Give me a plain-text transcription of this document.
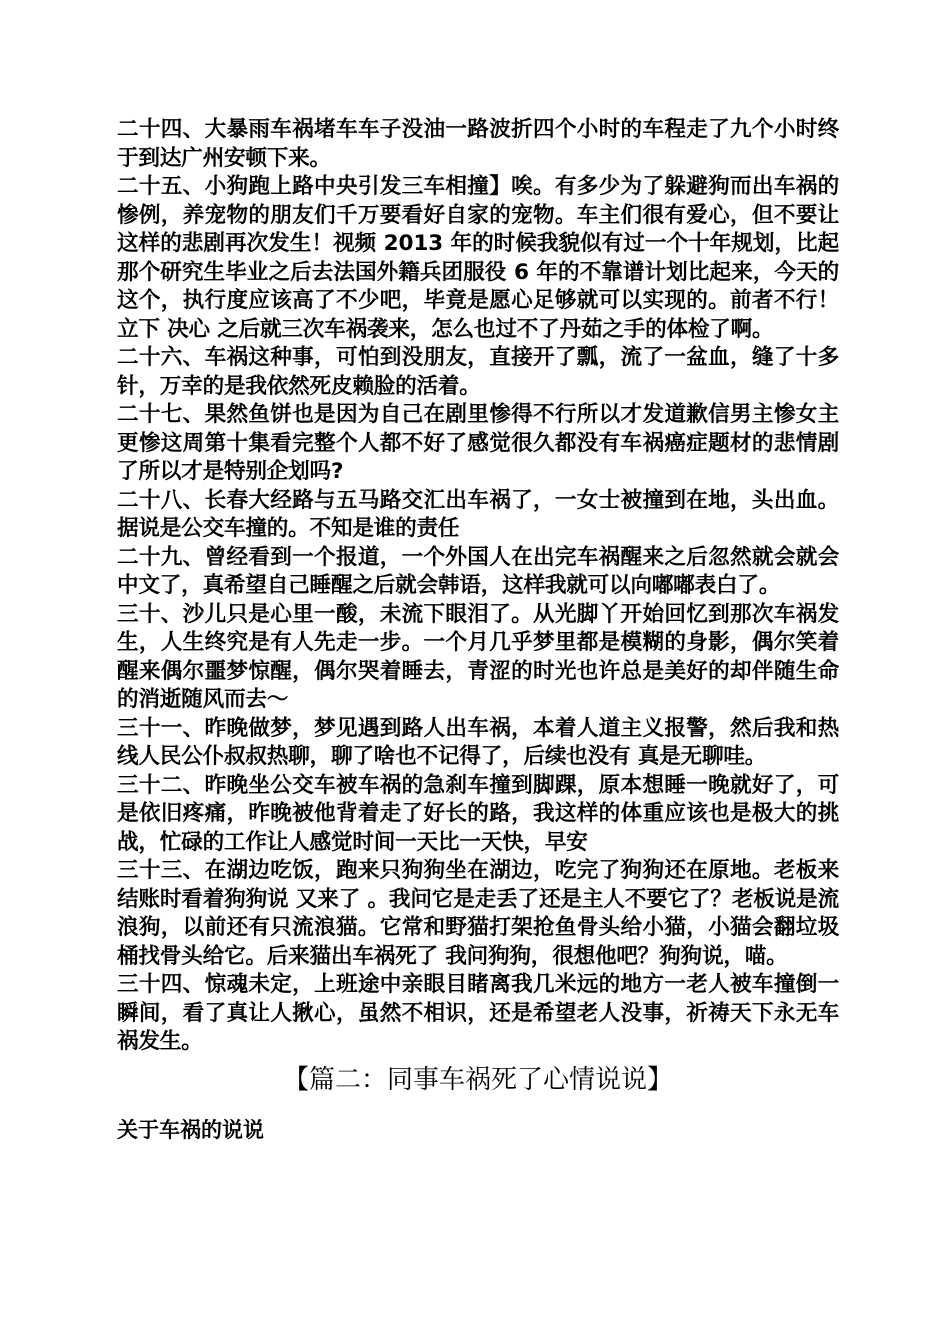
二十四、大暴雨车祸堵车车子没油一路波折四个小时的车程走了九个小时终于到达广州安顿下来。

二十五、小狗跑上路中央引发三车相撞】唉。有多少为了躲避狗而出车祸的惨例，养宠物的朋友们千万要看好自家的宠物。车主们很有爱心，但不要让这样的悲剧再次发生！视频 2013 年的时候我貌似有过一个十年规划，比起那个研究生毕业之后去法国外籍兵团服役 6 年的不靠谱计划比起来，今天的这个，执行度应该高了不少吧，毕竟是愿心足够就可以实现的。前者不行！立下 决心 之后就三次车祸袭来，怎么也过不了丹茹之手的体检了啊。

二十六、车祸这种事，可怕到没朋友，直接开了瓢，流了一盆血，缝了十多针，万幸的是我依然死皮赖脸的活着。

二十七、果然鱼饼也是因为自己在剧里惨得不行所以才发道歉信男主惨女主更惨这周第十集看完整个人都不好了感觉很久都没有车祸癌症题材的悲情剧了所以才是特别企划吗?

二十八、长春大经路与五马路交汇出车祸了，一女士被撞到在地，头出血。据说是公交车撞的。不知是谁的责任

二十九、曾经看到一个报道，一个外国人在出完车祸醒来之后忽然就会就会中文了，真希望自己睡醒之后就会韩语，这样我就可以向嘟嘟表白了。

三十、沙儿只是心里一酸，未流下眼泪了。从光脚丫开始回忆到那次车祸发生，人生终究是有人先走一步。一个月几乎梦里都是模糊的身影，偶尔笑着醒来偶尔噩梦惊醒，偶尔哭着睡去，青涩的时光也许总是美好的却伴随生命的消逝随风而去～

三十一、昨晚做梦，梦见遇到路人出车祸，本着人道主义报警，然后我和热线人民公仆叔叔热聊，聊了啥也不记得了，后续也没有 真是无聊哇。

三十二、昨晚坐公交车被车祸的急刹车撞到脚踝，原本想睡一晚就好了，可是依旧疼痛，昨晚被他背着走了好长的路，我这样的体重应该也是极大的挑战，忙碌的工作让人感觉时间一天比一天快，早安

三十三、在湖边吃饭，跑来只狗狗坐在湖边，吃完了狗狗还在原地。老板来结账时看着狗狗说 又来了 。我问它是走丢了还是主人不要它了？老板说是流浪狗，以前还有只流浪猫。它常和野猫打架抢鱼骨头给小猫，小猫会翻垃圾桶找骨头给它。后来猫出车祸死了 我问狗狗，很想他吧？狗狗说，喵。

三十四、惊魂未定，上班途中亲眼目睹离我几米远的地方一老人被车撞倒一瞬间，看了真让人揪心，虽然不相识，还是希望老人没事，祈祷天下永无车祸发生。

【篇二：同事车祸死了心情说说】
关于车祸的说说
